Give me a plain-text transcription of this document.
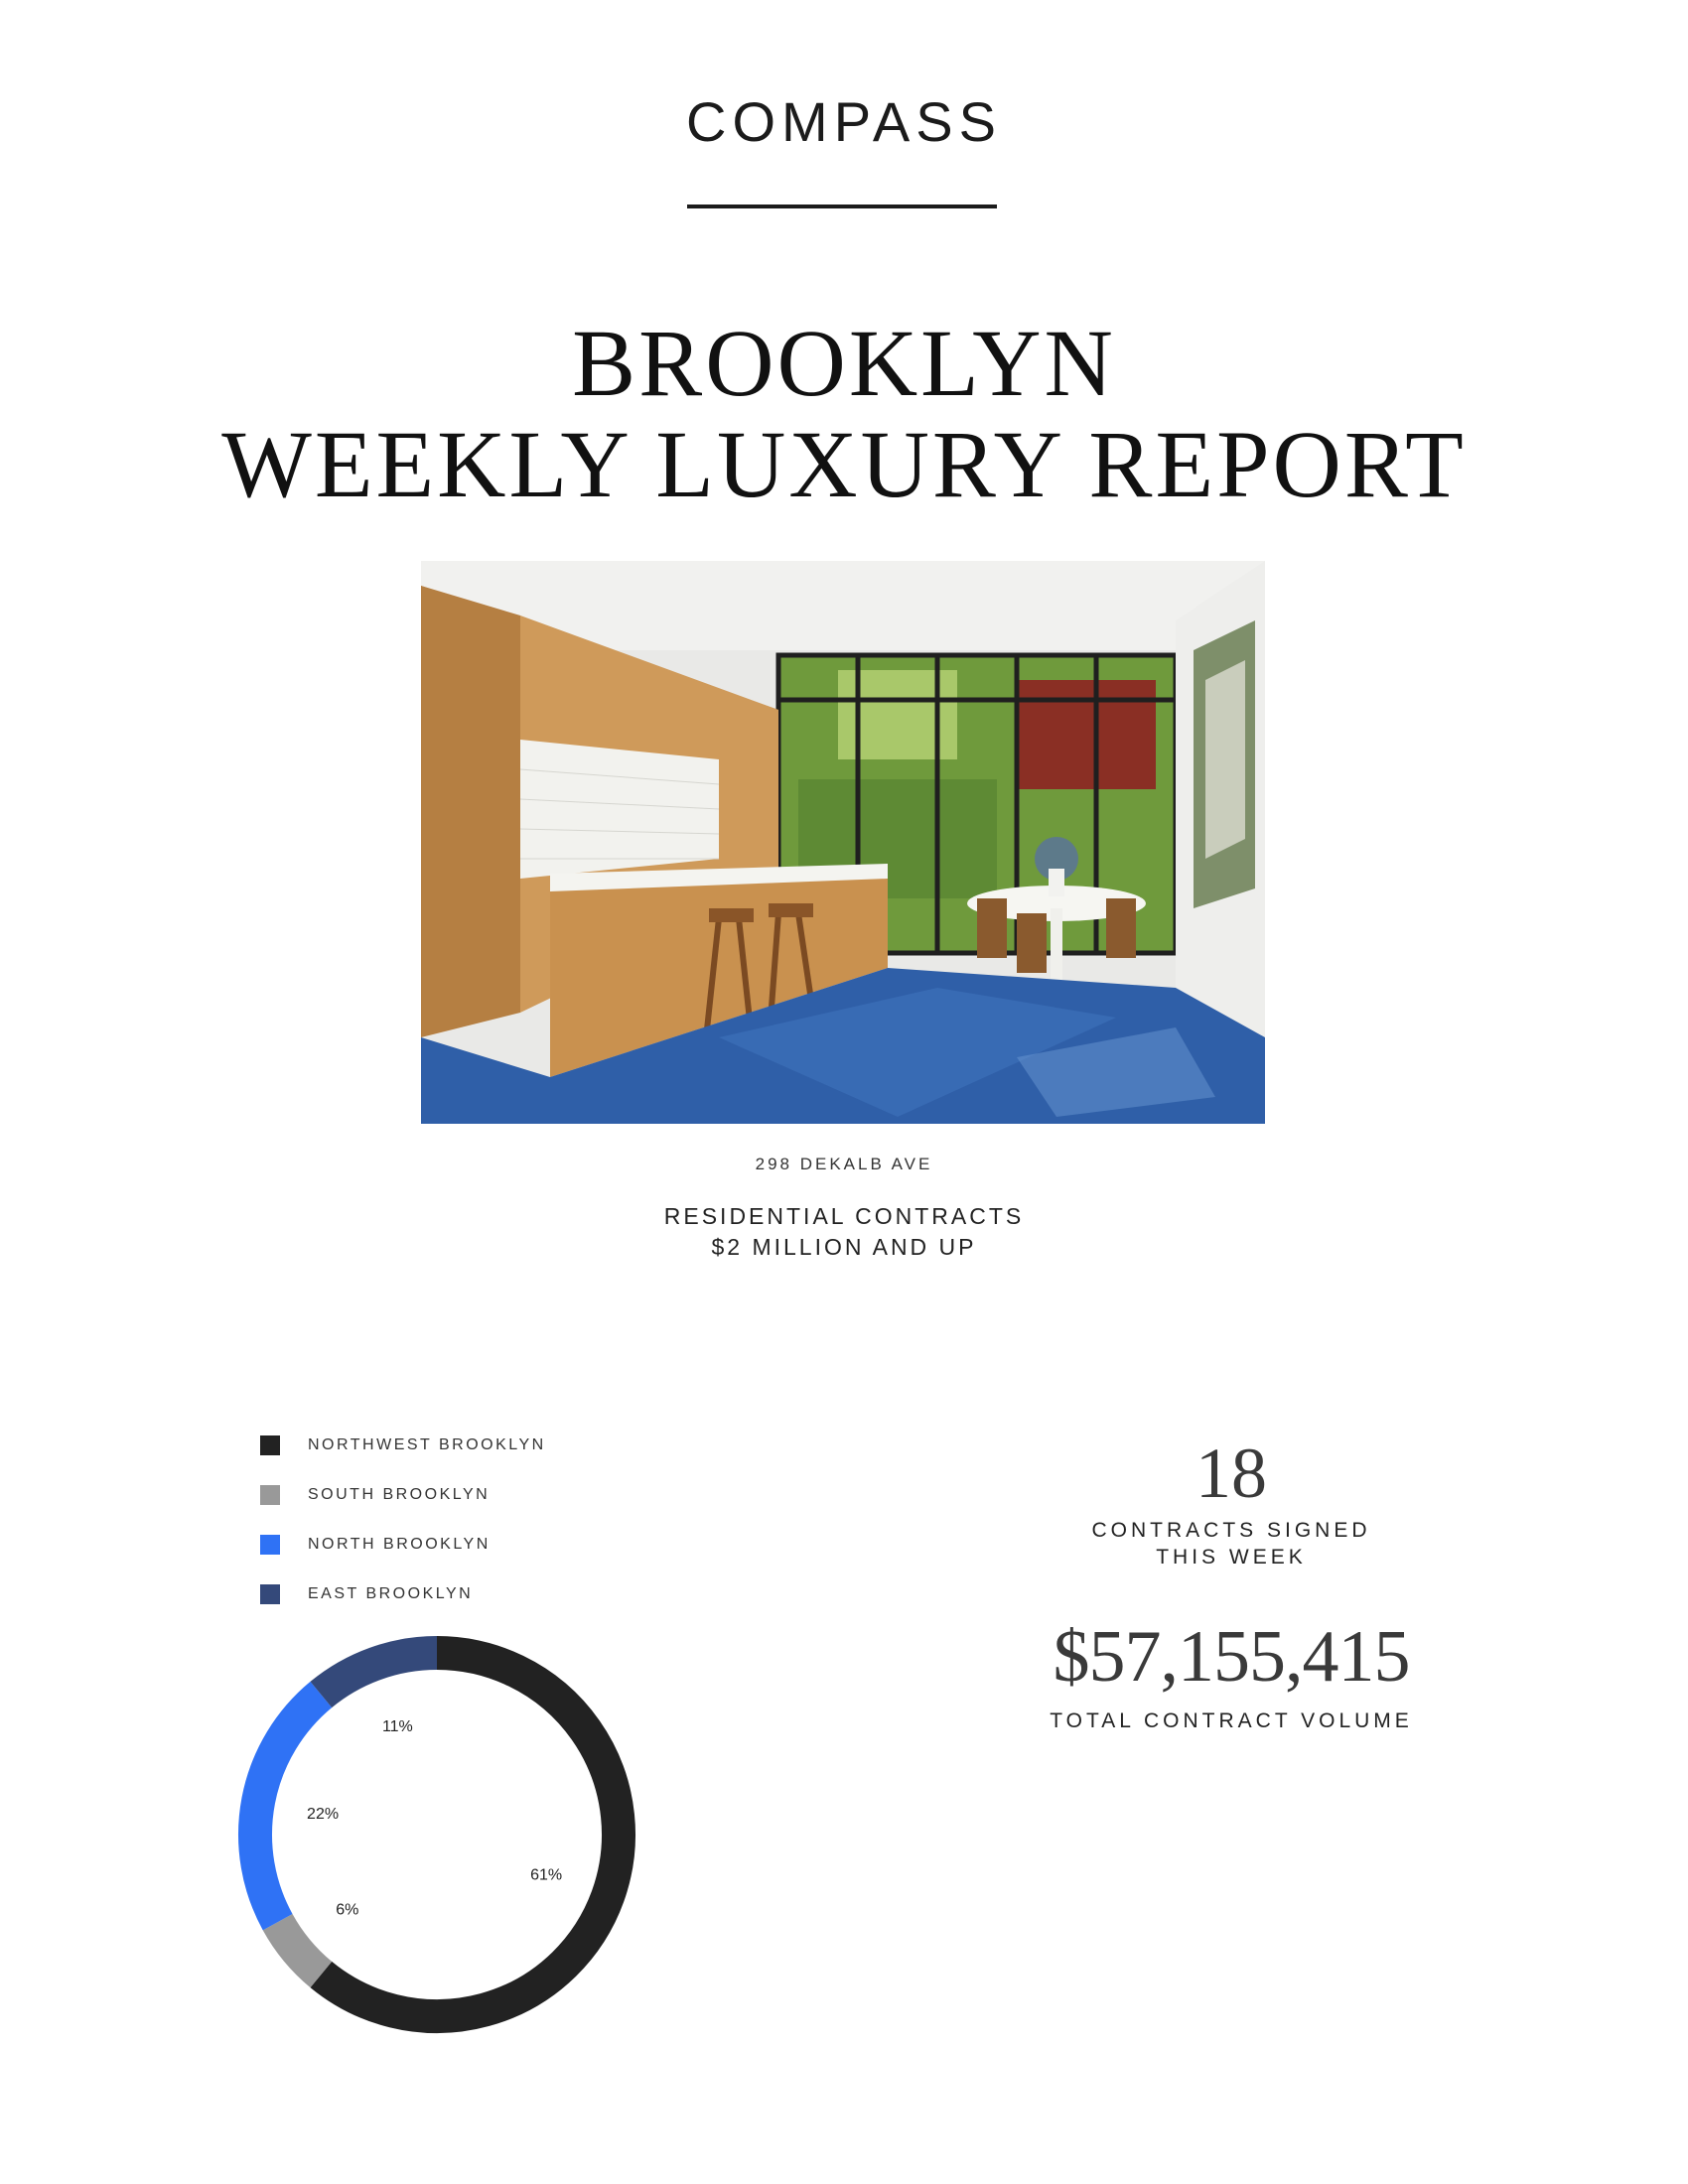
COMPASS
BROOKLYN
WEEKLY LUXURY REPORT
298 DEKALB AVE
RESIDENTIAL CONTRACTS
$2 MILLION AND UP
NORTHWEST BROOKLYN
SOUTH BROOKLYN
NORTH BROOKLYN
EAST BROOKLYN
61%
6%
22%
11%
18
CONTRACTS SIGNED
THIS WEEK
$57,155,415
TOTAL CONTRACT VOLUME
